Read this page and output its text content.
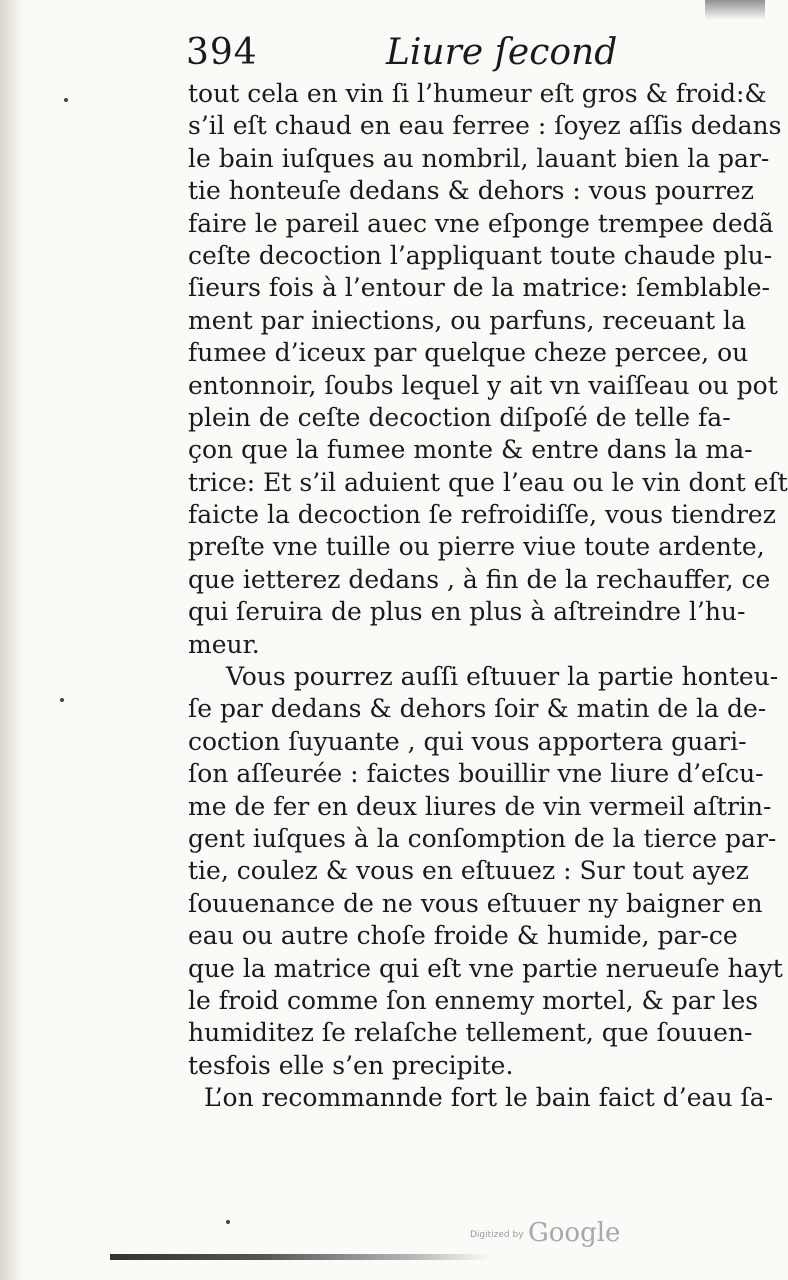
394	Liure ſecond
tout cela en vin ſi l’humeur eſt gros & froid:&
s’il eſt chaud en eau ferree : ſoyez aſſis dedans
le bain iuſques au nombril, lauant bien la par-
tie honteuſe dedans & dehors : vous pourrez
faire le pareil auec vne eſponge trempee dedã
ceſte decoction l’appliquant toute chaude plu-
ſieurs fois à l’entour de la matrice: ſemblable-
ment par iniections, ou parfuns, receuant la
fumee d’iceux par quelque cheze percee, ou
entonnoir, ſoubs lequel y ait vn vaiſſeau ou pot
plein de ceſte decoction diſpoſé de telle fa-
çon que la fumee monte & entre dans la ma-
trice: Et s’il aduient que l’eau ou le vin dont eſt
faicte la decoction ſe refroidiſſe, vous tiendrez
preſte vne tuille ou pierre viue toute ardente,
que ietterez dedans , à fin de la rechauffer, ce
qui ſeruira de plus en plus à aſtreindre l’hu-
meur.
Vous pourrez auſſi eſtuuer la partie honteu-
ſe par dedans & dehors ſoir & matin de la de-
coction ſuyuante , qui vous apportera guari-
ſon aſſeurée : faictes bouillir vne liure d’eſcu-
me de fer en deux liures de vin vermeil aſtrin-
gent iuſques à la conſomption de la tierce par-
tie, coulez & vous en eſtuuez : Sur tout ayez
ſouuenance de ne vous eſtuuer ny baigner en
eau ou autre choſe froide & humide, par-ce
que la matrice qui eſt vne partie nerueuſe hayt
le froid comme ſon ennemy mortel, & par les
humiditez ſe relaſche tellement, que ſouuen-
tesfois elle s’en precipite.
L’on recommannde fort le bain faict d’eau ſa-
Digitized by Google
